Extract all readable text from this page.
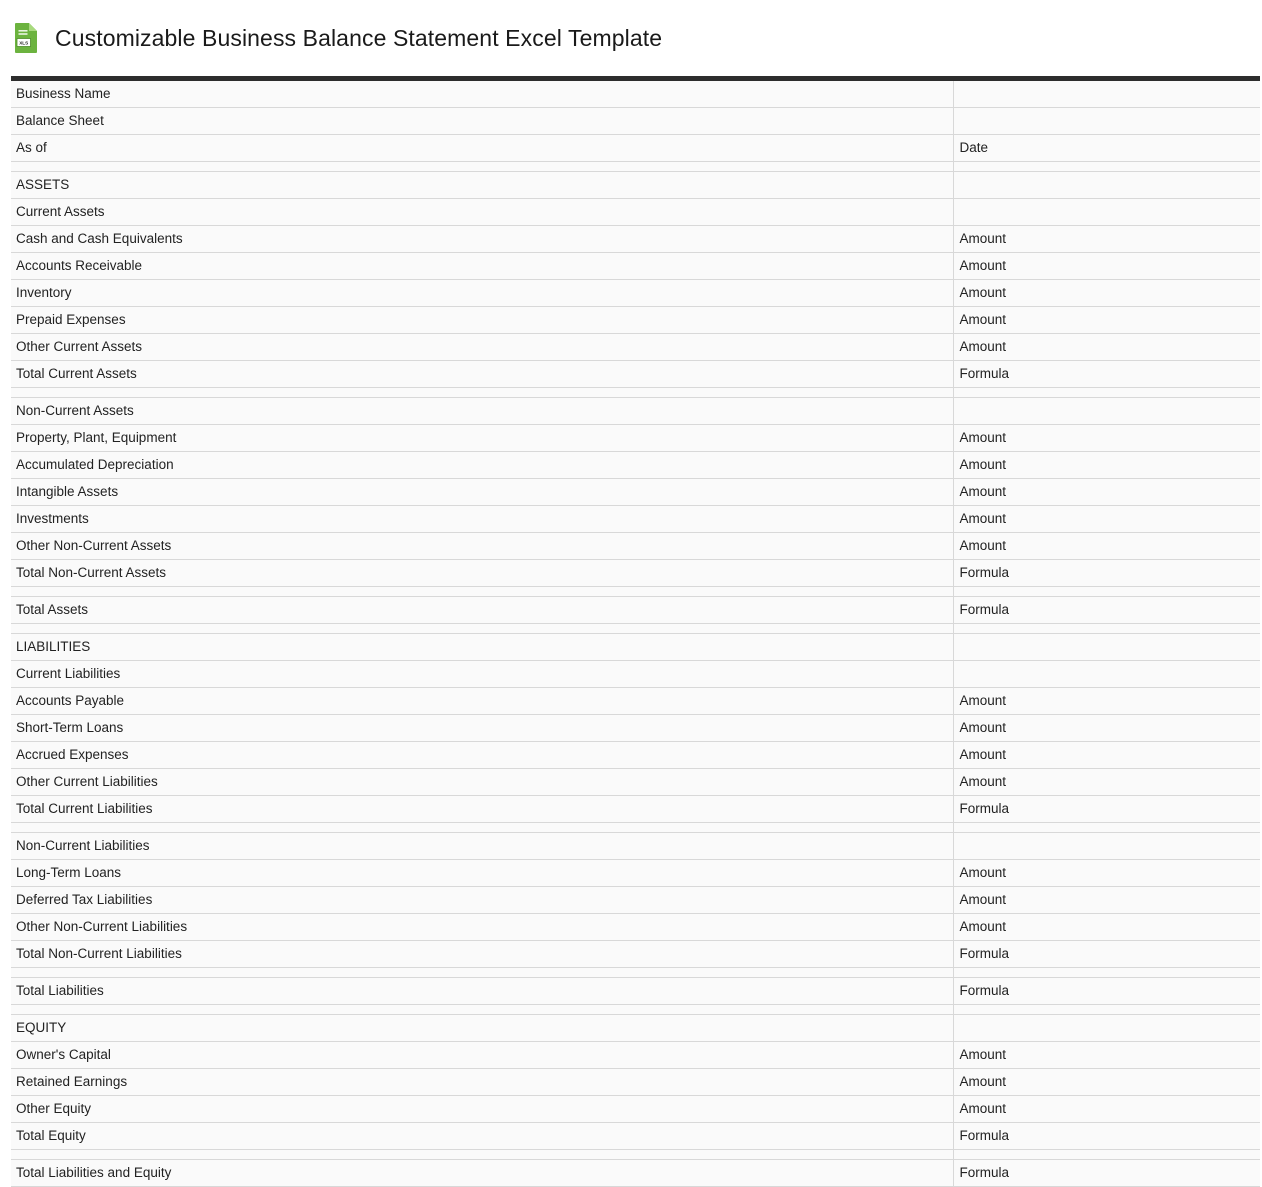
XLS Customizable Business Balance Statement Excel Template
Business Name	
Balance Sheet	
As of	Date

ASSETS	
Current Assets	
Cash and Cash Equivalents	Amount
Accounts Receivable	Amount
Inventory	Amount
Prepaid Expenses	Amount
Other Current Assets	Amount
Total Current Assets	Formula

Non-Current Assets	
Property, Plant, Equipment	Amount
Accumulated Depreciation	Amount
Intangible Assets	Amount
Investments	Amount
Other Non-Current Assets	Amount
Total Non-Current Assets	Formula

Total Assets	Formula

LIABILITIES	
Current Liabilities	
Accounts Payable	Amount
Short-Term Loans	Amount
Accrued Expenses	Amount
Other Current Liabilities	Amount
Total Current Liabilities	Formula

Non-Current Liabilities	
Long-Term Loans	Amount
Deferred Tax Liabilities	Amount
Other Non-Current Liabilities	Amount
Total Non-Current Liabilities	Formula

Total Liabilities	Formula

EQUITY	
Owner's Capital	Amount
Retained Earnings	Amount
Other Equity	Amount
Total Equity	Formula

Total Liabilities and Equity	Formula
